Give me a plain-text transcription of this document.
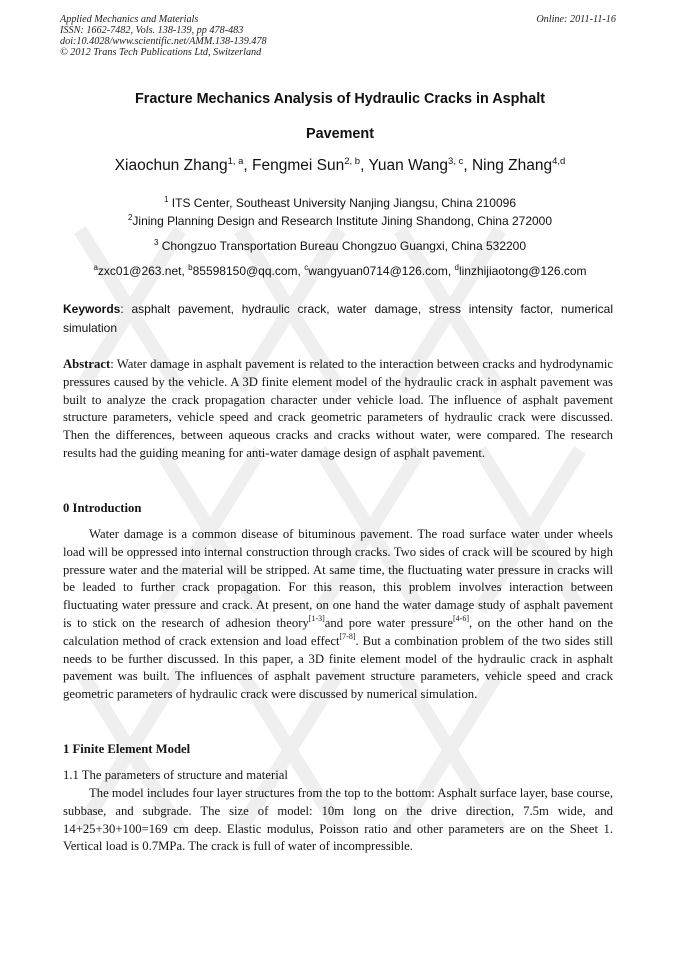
Applied Mechanics and Materials
ISSN: 1662-7482, Vols. 138-139, pp 478-483
doi:10.4028/www.scientific.net/AMM.138-139.478
© 2012 Trans Tech Publications Ltd, Switzerland
Online: 2011-11-16
Fracture Mechanics Analysis of Hydraulic Cracks in Asphalt
Pavement
Xiaochun Zhang$^{1, a}$, Fengmei Sun$^{2, b}$, Yuan Wang$^{3, c}$, Ning Zhang$^{4,d}$
$^1$ ITS Center, Southeast University Nanjing Jiangsu, China 210096
$^2$Jining Planning Design and Research Institute Jining Shandong, China 272000
$^3$ Chongzuo Transportation Bureau Chongzuo Guangxi, China 532200
$^a$zxc01@263.net, $^b$85598150@qq.com, $^c$wangyuan0714@126.com, $^d$linzhijiaotong@126.com
Keywords: asphalt pavement, hydraulic crack, water damage, stress intensity factor, numerical simulation
Abstract: Water damage in asphalt pavement is related to the interaction between cracks and hydrodynamic pressures caused by the vehicle. A 3D finite element model of the hydraulic crack in asphalt pavement was built to analyze the crack propagation character under vehicle load. The influence of asphalt pavement structure parameters, vehicle speed and crack geometric parameters of hydraulic crack were discussed. Then the differences, between aqueous cracks and cracks without water, were compared. The research results had the guiding meaning for anti-water damage design of asphalt pavement.
0 Introduction
Water damage is a common disease of bituminous pavement. The road surface water under wheels load will be oppressed into internal construction through cracks. Two sides of crack will be scoured by high pressure water and the material will be stripped. At same time, the fluctuating water pressure in cracks will be leaded to further crack propagation. For this reason, this problem involves interaction between fluctuating water pressure and crack. At present, on one hand the water damage study of asphalt pavement is to stick on the research of adhesion theory[1-3]and pore water pressure[4-6], on the other hand on the calculation method of crack extension and load effect[7-8]. But a combination problem of the two sides still needs to be further discussed. In this paper, a 3D finite element model of the hydraulic crack in asphalt pavement was built. The influences of asphalt pavement structure parameters, vehicle speed and crack geometric parameters of hydraulic crack were discussed by numerical simulation.
1 Finite Element Model
1.1 The parameters of structure and material
The model includes four layer structures from the top to the bottom: Asphalt surface layer, base course, subbase, and subgrade. The size of model: 10m long on the drive direction, 7.5m wide, and 14+25+30+100=169 cm deep. Elastic modulus, Poisson ratio and other parameters are on the Sheet 1. Vertical load is 0.7MPa. The crack is full of water of incompressible.
